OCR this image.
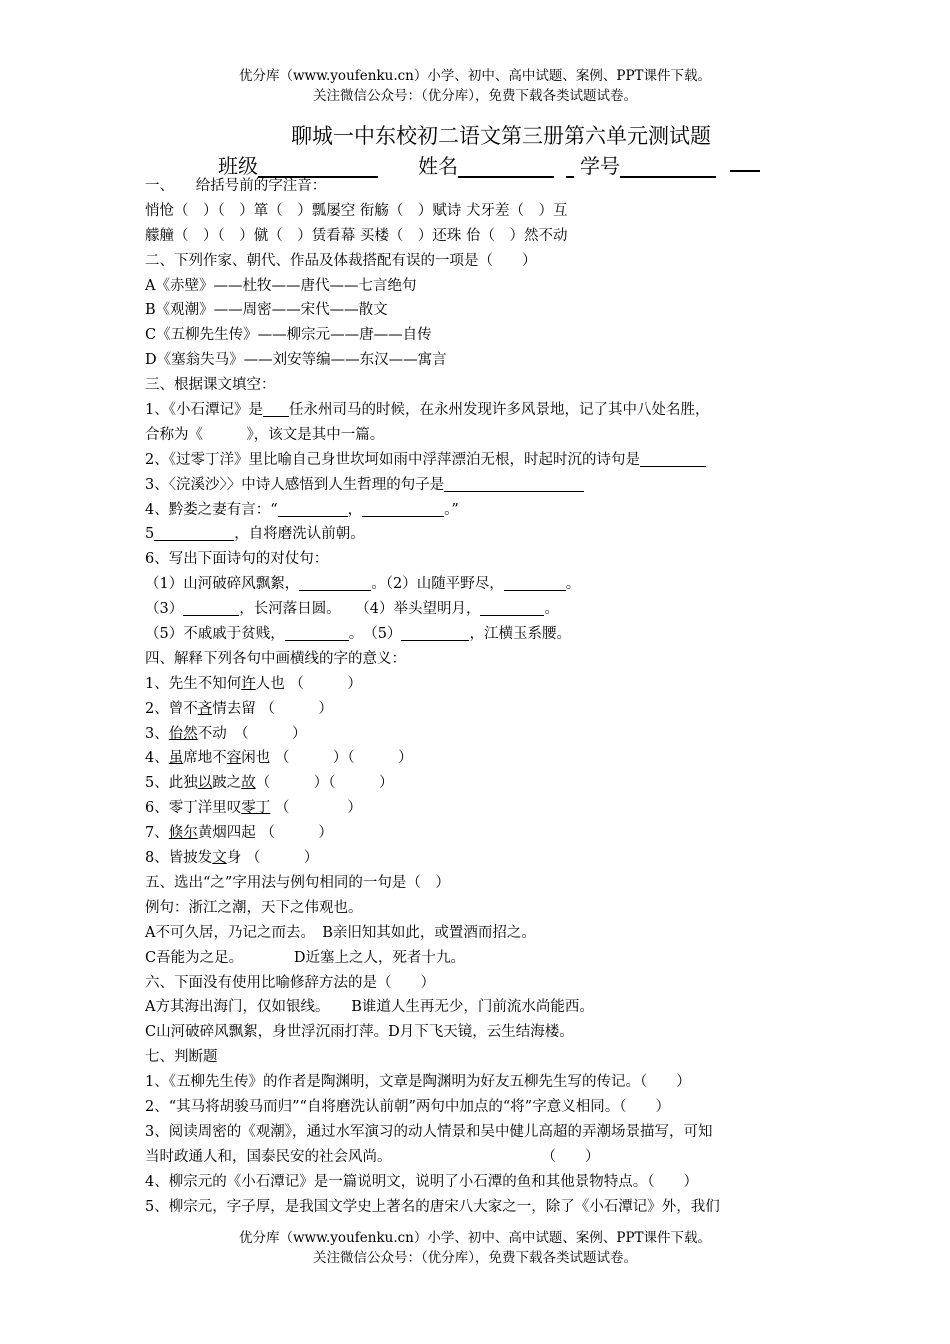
优分库（www.youfenku.cn）小学、初中、高中试题、案例、PPT课件下载。
关注微信公众号：（优分库），免费下载各类试题试卷。
聊城一中东校初二语文第三册第六单元测试题
班级	姓名	学号
一、　　给括号前的字注音：
悄怆（　）（　）箪（　）瓢屡空 衔觞（　）赋诗 犬牙差（　）互
艨艟（　）（　）僦（　）赁看幕 买楼（　）还珠 佁（　）然不动
二、下列作家、朝代、作品及体裁搭配有误的一项是（　　）
A《赤壁》——杜牧——唐代——七言绝句
B《观潮》——周密——宋代——散文
C《五柳先生传》——柳宗元——唐——自传
D《塞翁失马》——刘安等编——东汉——寓言
三、根据课文填空：
1、《小石潭记》是 任永州司马的时候，在永州发现许多风景地，记了其中八处名胜，
合称为《　　　》，该文是其中一篇。
2、《过零丁洋》里比喻自己身世坎坷如雨中浮萍漂泊无根，时起时沉的诗句是
3、〈浣溪沙〉〉中诗人感悟到人生哲理的句子是
4、黔娄之妻有言：“	，	。”
5	，自将磨洗认前朝。
6、写出下面诗句的对仗句：
（1）山河破碎风飘絮，	。（2）山随平野尽，	。
（3）	，长河落日圆。　　（4）举头望明月，	。
（5）不戚戚于贫贱，	。　（5）	，江横玉系腰。
四、解释下列各句中画横线的字的意义：
1、先生不知何许人也 （　　　）
2、曾不吝情去留 （　　　）
3、佁然不动　（　　　）
4、虽席地不容闲也 （　　　）（　　　）
5、此独以跛之故（　　　）（　　　）
6、零丁洋里叹零丁 （　　　　）
7、倏尔黄烟四起 （　　　）
8、皆披发文身 （　　　）
五、选出“之”字用法与例句相同的一句是（　）
例句：浙江之潮，天下之伟观也。
A不可久居，乃记之而去。　B亲旧知其如此，或置酒而招之。
C吾能为之足。　　　　D近塞上之人，死者十九。
六、下面没有使用比喻修辞方法的是（　　）
A方其海出海门，仅如银线。　　B谁道人生再无少，门前流水尚能西。
C山河破碎风飘絮，身世浮沉雨打萍。D月下飞天镜，云生结海楼。
七、判断题
1、《五柳先生传》的作者是陶渊明，文章是陶渊明为好友五柳先生写的传记。（　　）
2、“其马将胡骏马而归”“自将磨洗认前朝”两句中加点的“将”字意义相同。（　　）
3、阅读周密的《观潮》，通过水军演习的动人情景和吴中健儿高超的弄潮场景描写，可知
当时政通人和，国泰民安的社会风尚。	（　　）
4、柳宗元的《小石潭记》是一篇说明文，说明了小石潭的鱼和其他景物特点。（　　）
5、柳宗元，字子厚，是我国文学史上著名的唐宋八大家之一，除了《小石潭记》外，我们
优分库（www.youfenku.cn）小学、初中、高中试题、案例、PPT课件下载。
关注微信公众号：（优分库），免费下载各类试题试卷。
